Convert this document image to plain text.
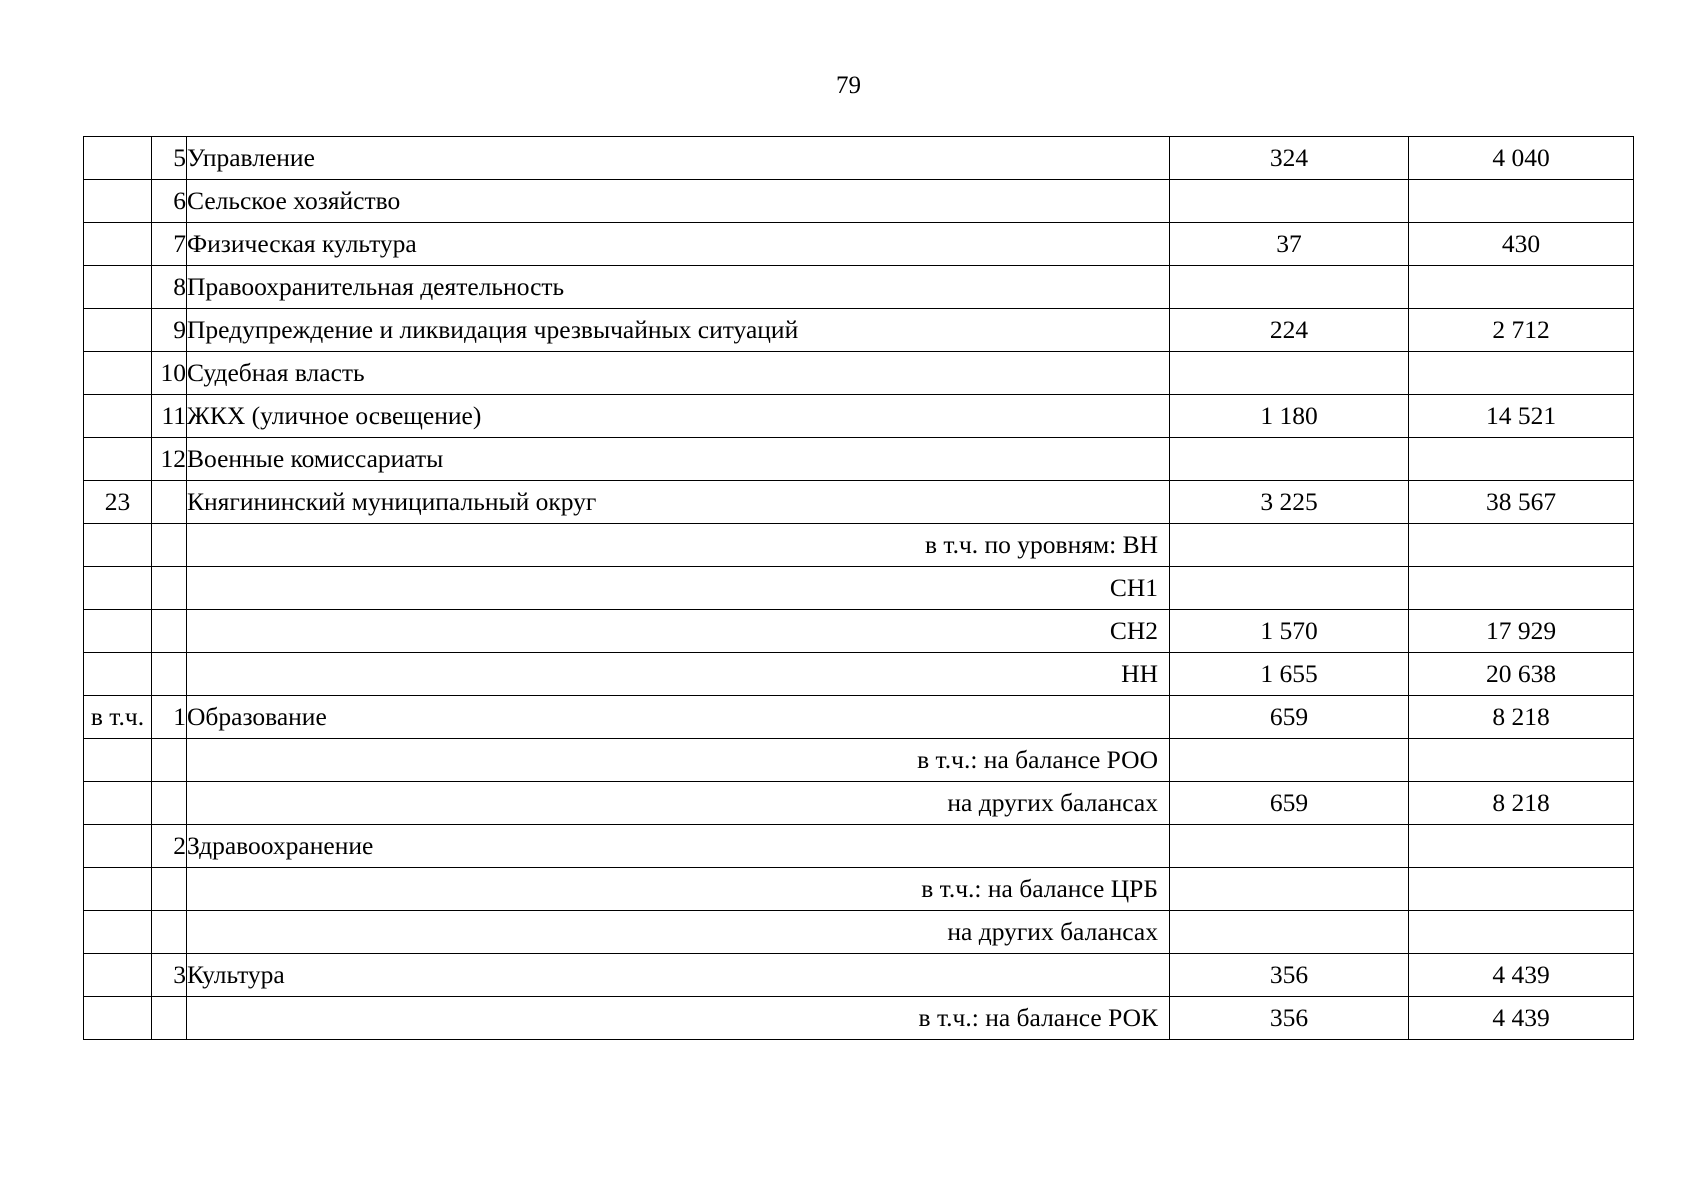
79
	5	Управление	324	4 040
	6	Сельское хозяйство		
	7	Физическая культура	37	430
	8	Правоохранительная деятельность		
	9	Предупреждение и ликвидация чрезвычайных ситуаций	224	2 712
	10	Судебная власть		
	11	ЖКХ (уличное освещение)	1 180	14 521
	12	Военные комиссариаты		
23		Княгининский муниципальный округ	3 225	38 567
		в т.ч. по уровням: ВН		
		СН1		
		СН2	1 570	17 929
		НН	1 655	20 638
в т.ч.	1	Образование	659	8 218
		в т.ч.: на балансе РОО		
		на других балансах	659	8 218
	2	Здравоохранение		
		в т.ч.: на балансе ЦРБ		
		на других балансах		
	3	Культура	356	4 439
		в т.ч.: на балансе РОК	356	4 439
